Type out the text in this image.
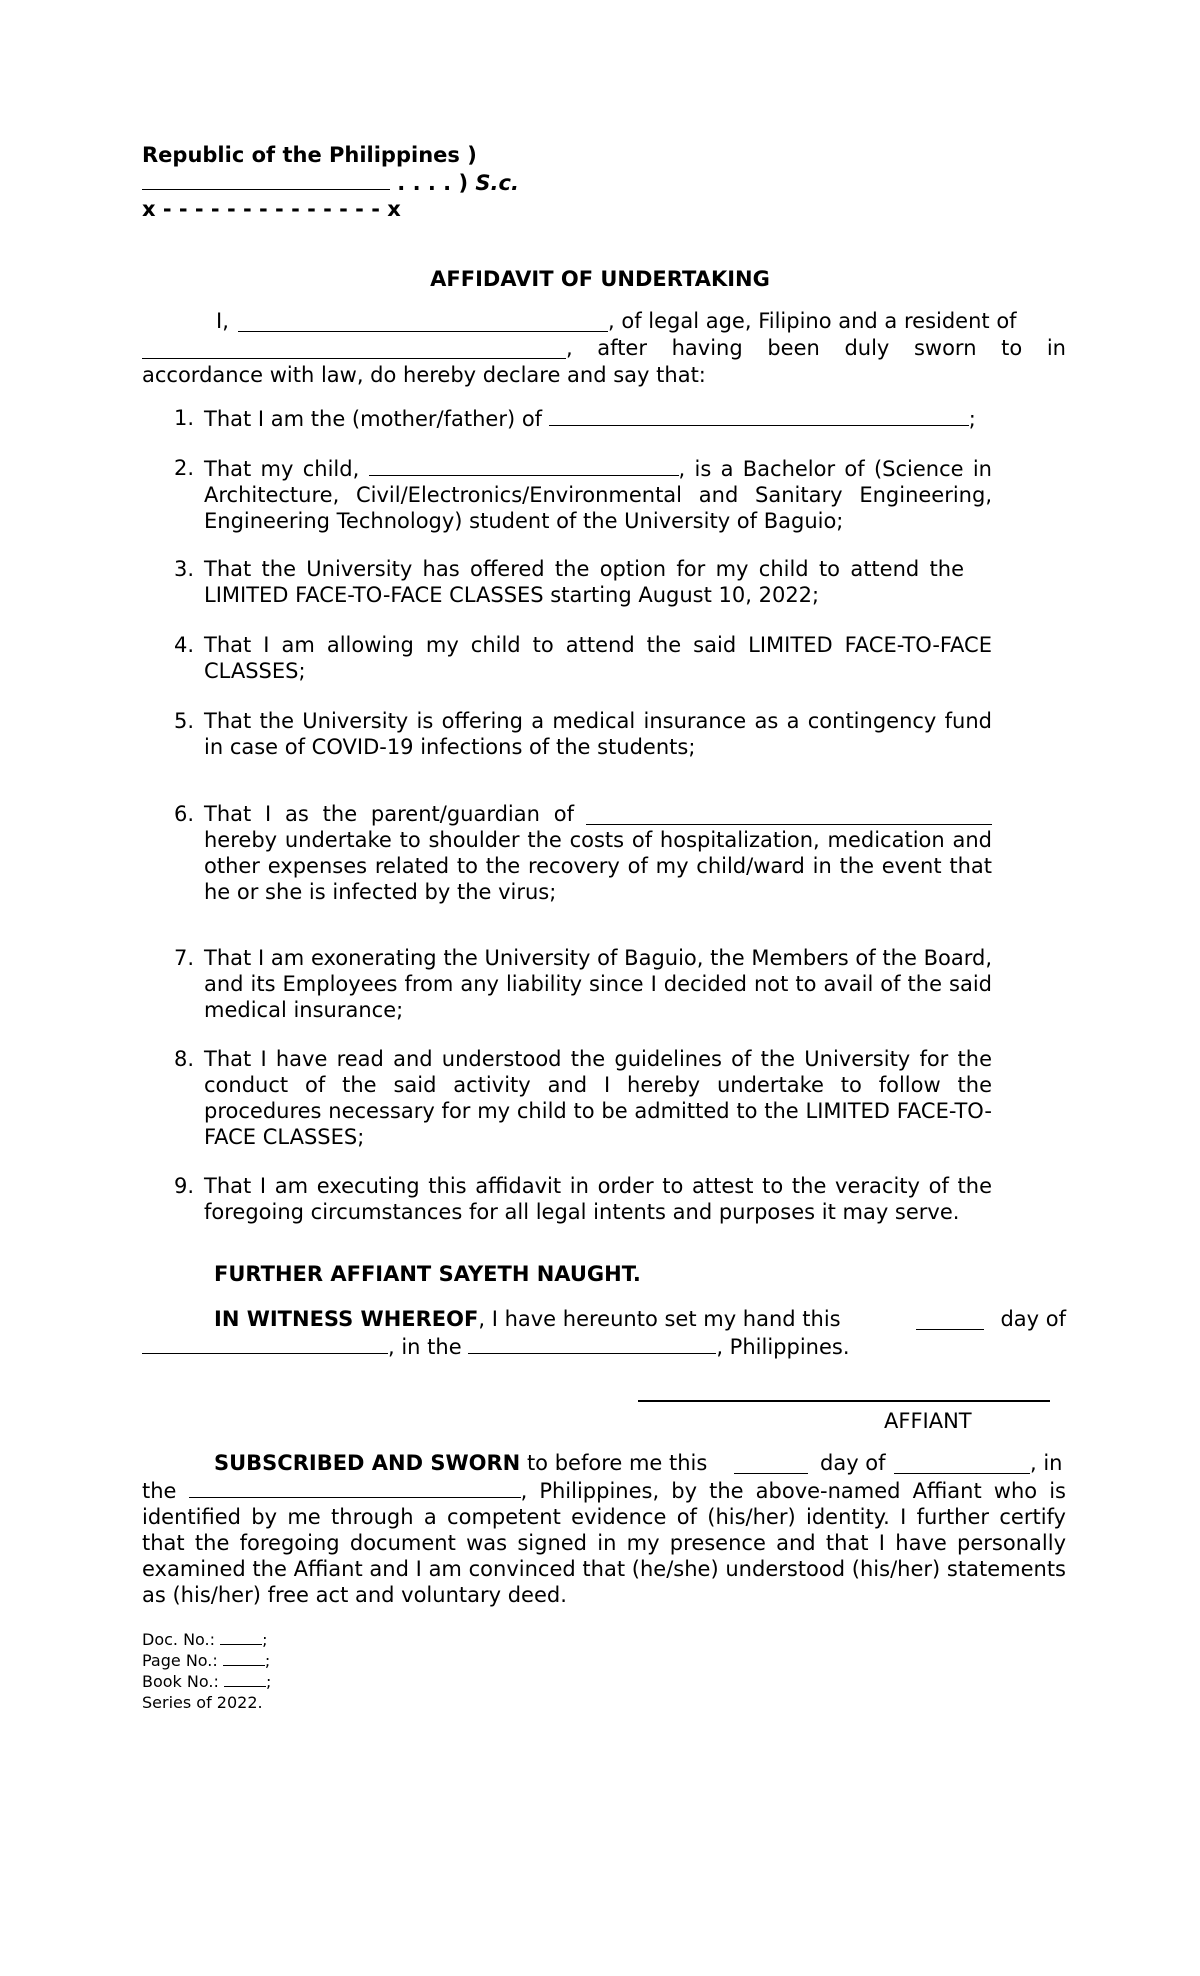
Republic of the Philippines )
. . . . ) S.c.
x - - - - - - - - - - - - - - x
AFFIDAVIT OF UNDERTAKING
I,	, of legal age, Filipino and a resident of
, after having been duly sworn to in
accordance with law, do hereby declare and say that:
1. That I am the (mother/father) of	;
2. That my child,	, is a Bachelor of (Science in Architecture, Civil/Electronics/Environmental and Sanitary Engineering, Engineering Technology) student of the University of Baguio;
3. That the University has offered the option for my child to attend the LIMITED FACE-TO-FACE CLASSES starting August 10, 2022;
4. That I am allowing my child to attend the said LIMITED FACE-TO-FACE CLASSES;
5. That the University is offering a medical insurance as a contingency fund in case of COVID-19 infections of the students;
6. That I as the parent/guardian of
hereby undertake to shoulder the costs of hospitalization, medication and other expenses related to the recovery of my child/ward in the event that he or she is infected by the virus;
7. That I am exonerating the University of Baguio, the Members of the Board, and its Employees from any liability since I decided not to avail of the said medical insurance;
8. That I have read and understood the guidelines of the University for the conduct of the said activity and I hereby undertake to follow the procedures necessary for my child to be admitted to the LIMITED FACE-TO-FACE CLASSES;
9. That I am executing this affidavit in order to attest to the veracity of the foregoing circumstances for all legal intents and purposes it may serve.
FURTHER AFFIANT SAYETH NAUGHT.
IN WITNESS WHEREOF, I have hereunto set my hand this	day of
, in the	, Philippines.
AFFIANT
SUBSCRIBED AND SWORN to before me this	day of	, in
the	, Philippines, by the above-named Affiant who is identified by me through a competent evidence of (his/her) identity. I further certify that the foregoing document was signed in my presence and that I have personally examined the Affiant and I am convinced that (he/she) understood (his/her) statements as (his/her) free act and voluntary deed.
Doc. No.:	;
Page No.:	;
Book No.:	;
Series of 2022.
